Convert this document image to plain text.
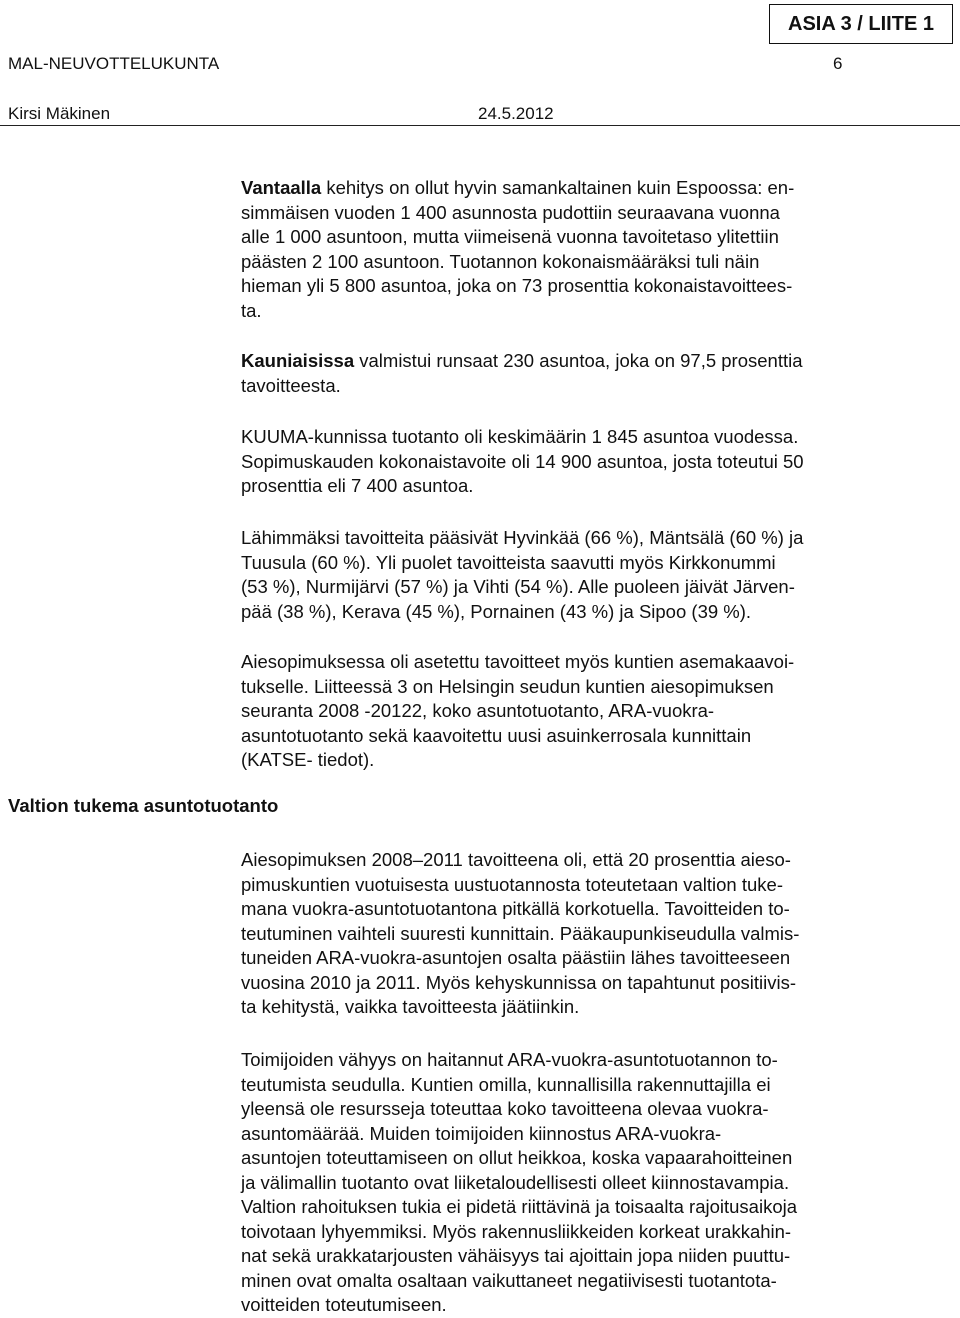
ASIA 3 / LIITE 1
MAL-NEUVOTTELUKUNTA	6
Kirsi Mäkinen	24.5.2012
Valtion tukema asuntotuotanto
Vantaalla kehitys on ollut hyvin samankaltainen kuin Espoossa: en-
simmäisen vuoden 1 400 asunnosta pudottiin seuraavana vuonna
alle 1 000 asuntoon, mutta viimeisenä vuonna tavoitetaso ylitettiin
päästen 2 100 asuntoon. Tuotannon kokonaismääräksi tuli näin
hieman yli 5 800 asuntoa, joka on 73 prosenttia kokonaistavoittees-
ta.
Kauniaisissa valmistui runsaat 230 asuntoa, joka on 97,5 prosenttia
tavoitteesta.
KUUMA-kunnissa tuotanto oli keskimäärin 1 845 asuntoa vuodessa.
Sopimuskauden kokonaistavoite oli 14 900 asuntoa, josta toteutui 50
prosenttia eli 7 400 asuntoa.
Lähimmäksi tavoitteita pääsivät Hyvinkää (66 %), Mäntsälä (60 %) ja
Tuusula (60 %). Yli puolet tavoitteista saavutti myös Kirkkonummi
(53 %), Nurmijärvi (57 %) ja Vihti (54 %). Alle puoleen jäivät Järven-
pää (38 %), Kerava (45 %), Pornainen (43 %) ja Sipoo (39 %).
Aiesopimuksessa oli asetettu tavoitteet myös kuntien asemakaavoi-
tukselle. Liitteessä 3 on Helsingin seudun kuntien aiesopimuksen
seuranta 2008 -20122, koko asuntotuotanto, ARA-vuokra-
asuntotuotanto sekä kaavoitettu uusi asuinkerrosala kunnittain
(KATSE- tiedot).
Aiesopimuksen 2008–2011 tavoitteena oli, että 20 prosenttia aieso-
pimuskuntien vuotuisesta uustuotannosta toteutetaan valtion tuke-
mana vuokra-asuntotuotantona pitkällä korkotuella. Tavoitteiden to-
teutuminen vaihteli suuresti kunnittain. Pääkaupunkiseudulla valmis-
tuneiden ARA-vuokra-asuntojen osalta päästiin lähes tavoitteeseen
vuosina 2010 ja 2011. Myös kehyskunnissa on tapahtunut positiivis-
ta kehitystä, vaikka tavoitteesta jäätiinkin.
Toimijoiden vähyys on haitannut ARA-vuokra-asuntotuotannon to-
teutumista seudulla. Kuntien omilla, kunnallisilla rakennuttajilla ei
yleensä ole resursseja toteuttaa koko tavoitteena olevaa vuokra-
asuntomäärää. Muiden toimijoiden kiinnostus ARA-vuokra-
asuntojen toteuttamiseen on ollut heikkoa, koska vapaarahoitteinen
ja välimallin tuotanto ovat liiketaloudellisesti olleet kiinnostavampia.
Valtion rahoituksen tukia ei pidetä riittävinä ja toisaalta rajoitusaikoja
toivotaan lyhyemmiksi. Myös rakennusliikkeiden korkeat urakkahin-
nat sekä urakkatarjousten vähäisyys tai ajoittain jopa niiden puuttu-
minen ovat omalta osaltaan vaikuttaneet negatiivisesti tuotantota-
voitteiden toteutumiseen.
